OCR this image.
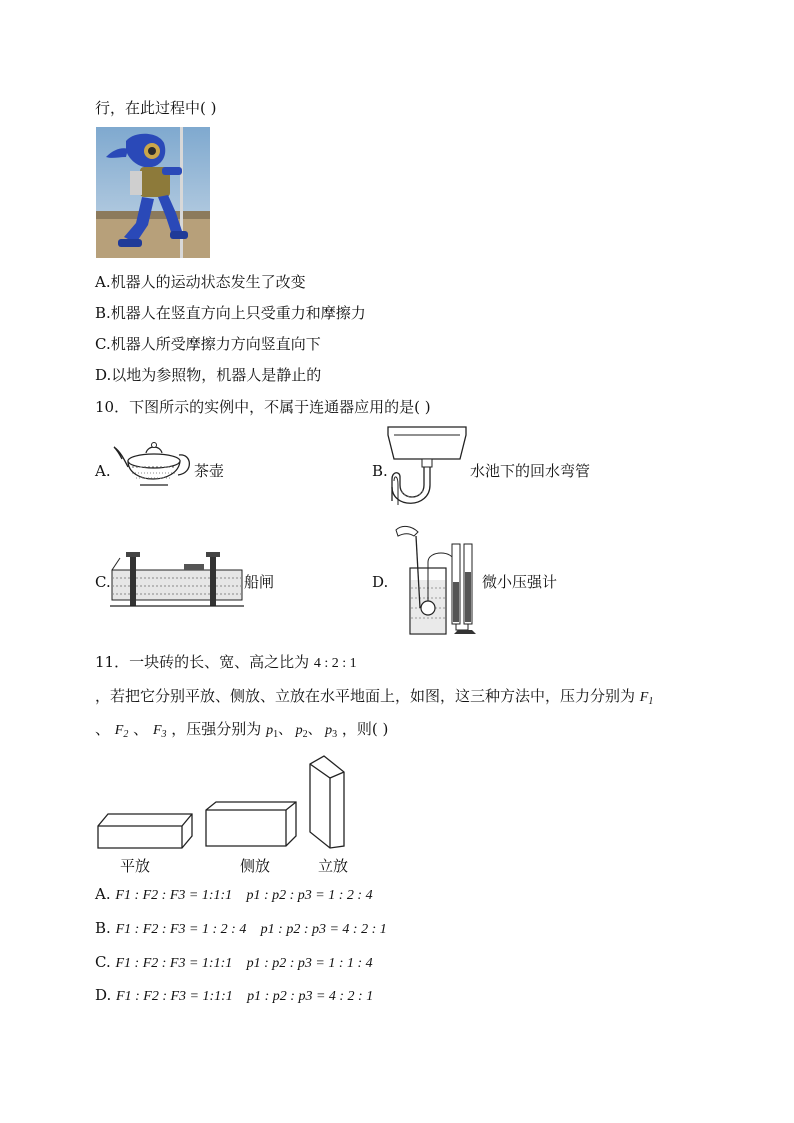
行，在此过程中( )
A.机器人的运动状态发生了改变
B.机器人在竖直方向上只受重力和摩擦力
C.机器人所受摩擦力方向竖直向下
D.以地为参照物，机器人是静止的
10．下图所示的实例中，不属于连通器应用的是( )
A.	茶壶	B.	水池下的回水弯管
C.	船闸	D.	微小压强计
11．一块砖的长、宽、高之比为 4 : 2 : 1
，若把它分别平放、侧放、立放在水平地面上，如图，这三种方法中，压力分别为 $F_1$
、 $F_2$ 、 $F_3$ ，压强分别为 $p_1$、 $p_2$、 $p_3$ ，则( )
平放	侧放	立放
A. F1 : F2 : F3 = 1:1:1 p1 : p2 : p3 = 1 : 2 : 4
B. F1 : F2 : F3 = 1 : 2 : 4 p1 : p2 : p3 = 4 : 2 : 1
C. F1 : F2 : F3 = 1:1:1 p1 : p2 : p3 = 1 : 1 : 4
D. F1 : F2 : F3 = 1:1:1 p1 : p2 : p3 = 4 : 2 : 1
